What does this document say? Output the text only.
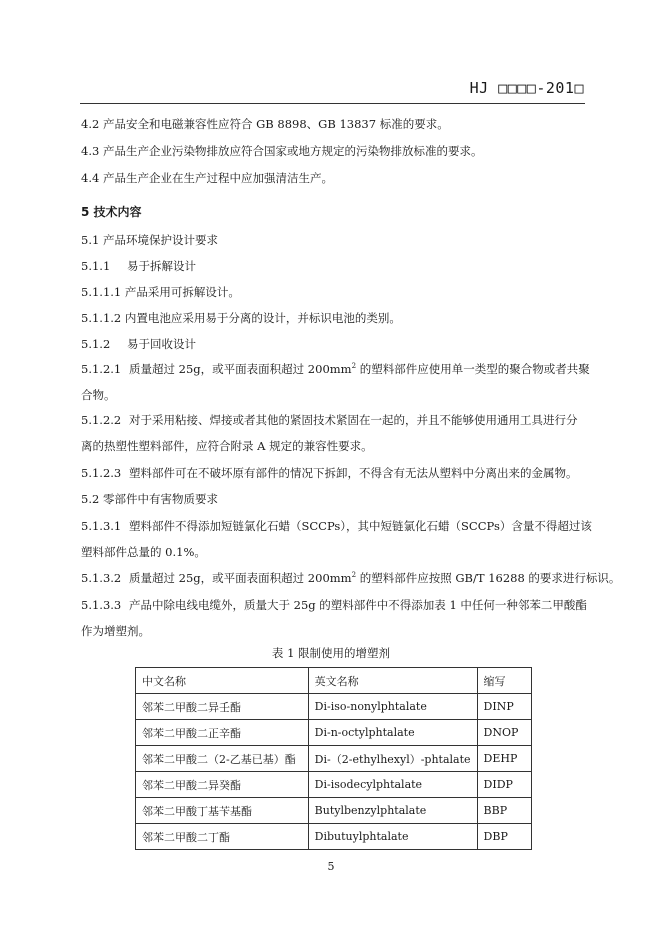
HJ □□□□-201□
4.2 产品安全和电磁兼容性应符合 GB 8898、GB 13837 标准的要求。
4.3 产品生产企业污染物排放应符合国家或地方规定的污染物排放标准的要求。
4.4 产品生产企业在生产过程中应加强清洁生产。
5 技术内容
5.1 产品环境保护设计要求
5.1.1 易于拆解设计
5.1.1.1 产品采用可拆解设计。
5.1.1.2 内置电池应采用易于分离的设计，并标识电池的类别。
5.1.2 易于回收设计
5.1.2.1 质量超过 25g，或平面表面积超过 $200mm^2$ 的塑料部件应使用单一类型的聚合物或者共聚
合物。
5.1.2.2 对于采用粘接、焊接或者其他的紧固技术紧固在一起的，并且不能够使用通用工具进行分
离的热塑性塑料部件，应符合附录 A 规定的兼容性要求。
5.1.2.3 塑料部件可在不破坏原有部件的情况下拆卸，不得含有无法从塑料中分离出来的金属物。
5.2 零部件中有害物质要求
5.1.3.1 塑料部件不得添加短链氯化石蜡（SCCPs），其中短链氯化石蜡（SCCPs）含量不得超过该
塑料部件总量的 0.1%。
5.1.3.2 质量超过 25g，或平面表面积超过 $200mm^2$ 的塑料部件应按照 GB/T 16288 的要求进行标识。
5.1.3.3 产品中除电线电缆外，质量大于 25g 的塑料部件中不得添加表 1 中任何一种邻苯二甲酸酯
作为增塑剂。
表 1 限制使用的增塑剂
中文名称	英文名称	缩写
邻苯二甲酸二异壬酯	Di-iso-nonylphtalate	DINP
邻苯二甲酸二正辛酯	Di-n-octylphtalate	DNOP
邻苯二甲酸二（2-乙基已基）酯	Di-（2-ethylhexyl）-phtalate	DEHP
邻苯二甲酸二异癸酯	Di-isodecylphtalate	DIDP
邻苯二甲酸丁基苄基酯	Butylbenzylphtalate	BBP
邻苯二甲酸二丁酯	Dibutuylphtalate	DBP
5
